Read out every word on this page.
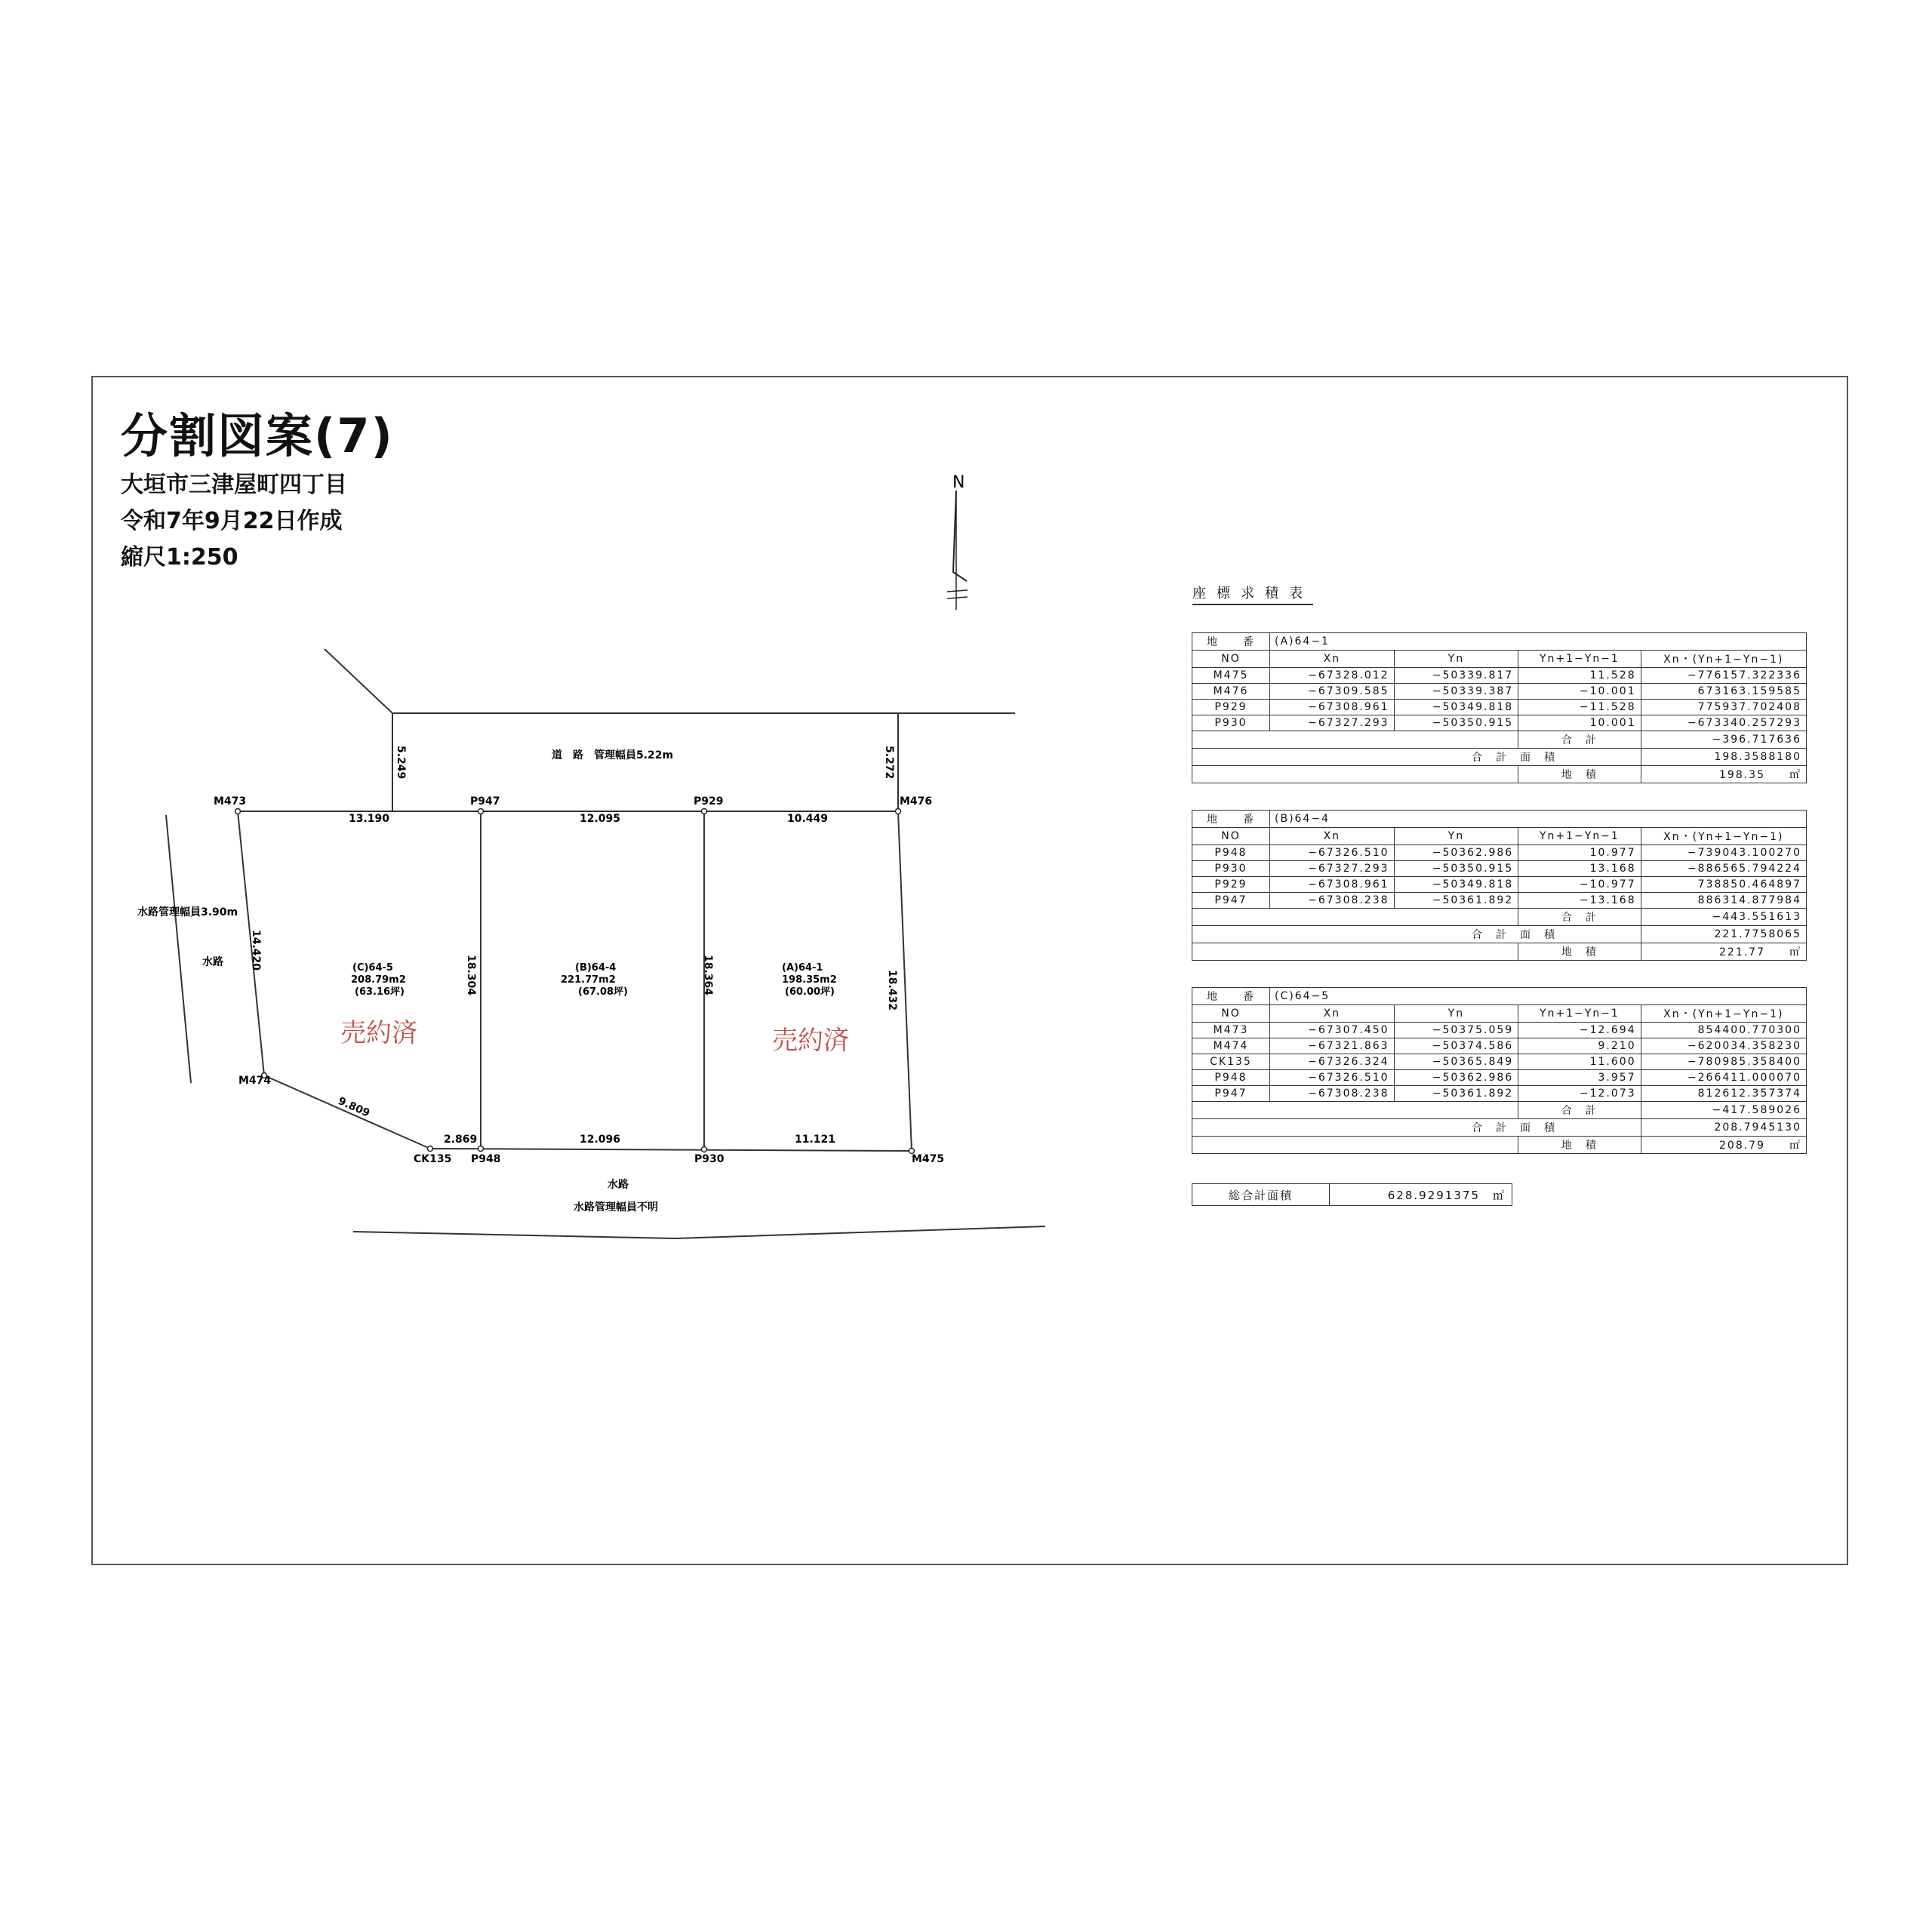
分割図案(7)
大垣市三津屋町四丁目
令和7年9月22日作成
縮尺1:250
N
M473	P947	P929	M476
M474
CK135 P948	P930	M475
13.190	12.095	10.449
5.249	5.272
14.420
18.304	18.364	18.432
9.809
2.869	12.096	11.121
道　路　管理幅員5.22m
水路管理幅員3.90m
水路
水路
水路管理幅員不明
(C)64-5
208.79m2
(63.16坪)
(B)64-4
221.77m2
(67.08坪)
(A)64-1
198.35m2
(60.00坪)
売約済	売約済
座標求積表
地　　番	(A)64−1			
NO	Xn	Yn	Yn+1−Yn−1	Xn・(Yn+1−Yn−1)
M475	−67328.012	−50339.817	11.528	−776157.322336
M476	−67309.585	−50339.387	−10.001	673163.159585
P929	−67308.961	−50349.818	−11.528	775937.702408
P930	−67327.293	−50350.915	10.001	−673340.257293
			合　計	−396.717636
合　計　面　積				198.3588180
			地　積	198.35　　 ㎡
地　　番	(B)64−4			
NO	Xn	Yn	Yn+1−Yn−1	Xn・(Yn+1−Yn−1)
P948	−67326.510	−50362.986	10.977	−739043.100270
P930	−67327.293	−50350.915	13.168	−886565.794224
P929	−67308.961	−50349.818	−10.977	738850.464897
P947	−67308.238	−50361.892	−13.168	886314.877984
			合　計	−443.551613
合　計　面　積				221.7758065
			地　積	221.77　　 ㎡
地　　番	(C)64−5			
NO	Xn	Yn	Yn+1−Yn−1	Xn・(Yn+1−Yn−1)
M473	−67307.450	−50375.059	−12.694	854400.770300
M474	−67321.863	−50374.586	9.210	−620034.358230
CK135	−67326.324	−50365.849	11.600	−780985.358400
P948	−67326.510	−50362.986	3.957	−266411.000070
P947	−67308.238	−50361.892	−12.073	812612.357374
			合　計	−417.589026
合　計　面　積				208.7945130
			地　積	208.79　　 ㎡
総合計面積	628.9291375　 ㎡
